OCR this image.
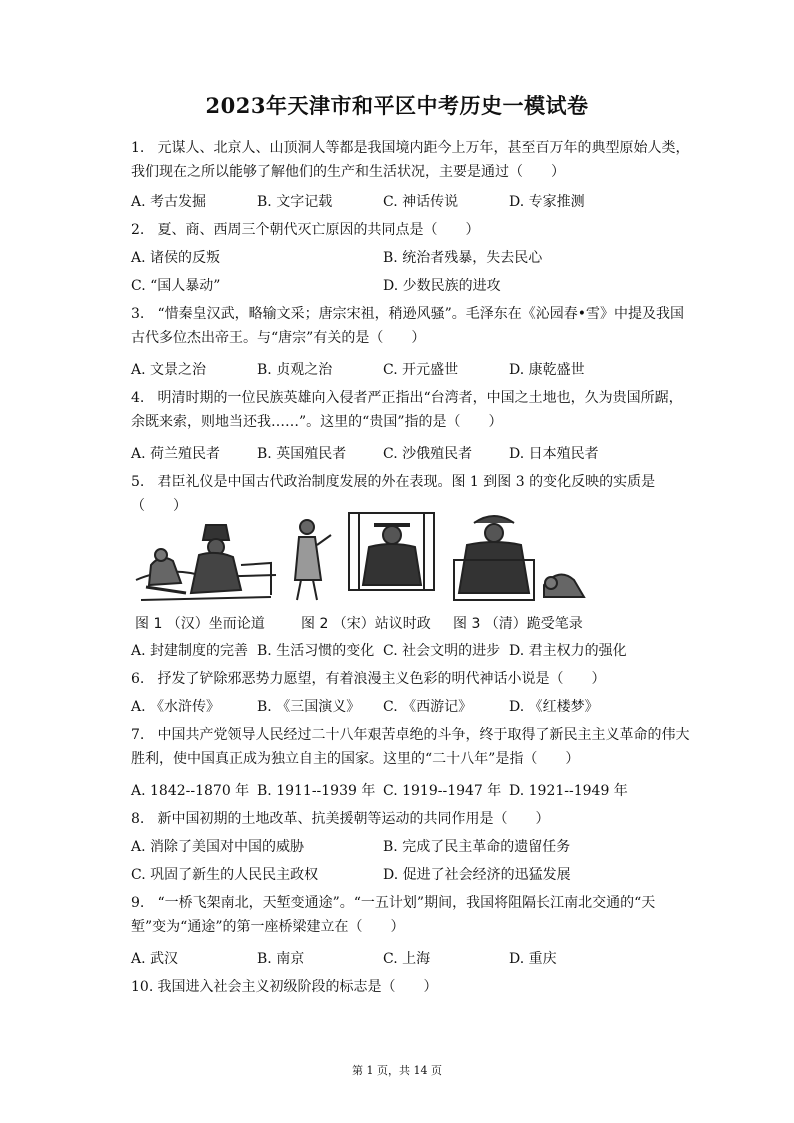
2023年天津市和平区中考历史一模试卷
1. 元谋人、北京人、山顶洞人等都是我国境内距今上万年，甚至百万年的典型原始人类，
我们现在之所以能够了解他们的生产和生活状况，主要是通过（　　）
A. 考古发掘	B. 文字记载	C. 神话传说	D. 专家推测
2. 夏、商、西周三个朝代灭亡原因的共同点是（　　）
A. 诸侯的反叛	B. 统治者残暴，失去民心
C. “国人暴动”	D. 少数民族的进攻
3. “惜秦皇汉武，略输文采；唐宗宋祖，稍逊风骚”。毛泽东在《沁园春•雪》中提及我国
古代多位杰出帝王。与“唐宗”有关的是（　　）
A. 文景之治	B. 贞观之治	C. 开元盛世	D. 康乾盛世
4. 明清时期的一位民族英雄向入侵者严正指出“台湾者，中国之土地也，久为贵国所踞，
余既来索，则地当还我……”。这里的“贵国”指的是（　　）
A. 荷兰殖民者	B. 英国殖民者	C. 沙俄殖民者	D. 日本殖民者
5. 君臣礼仪是中国古代政治制度发展的外在表现。图 1 到图 3 的变化反映的实质是（　　）
图 1 （汉）坐而论道	图 2 （宋）站议时政 图 3 （清）跪受笔录
A. 封建制度的完善 B. 生活习惯的变化 C. 社会文明的进步 D. 君主权力的强化
6. 抒发了铲除邪恶势力愿望，有着浪漫主义色彩的明代神话小说是（　　）
A. 《水浒传》	B. 《三国演义》 C. 《西游记》	D. 《红楼梦》
7. 中国共产党领导人民经过二十八年艰苦卓绝的斗争，终于取得了新民主主义革命的伟大
胜利，使中国真正成为独立自主的国家。这里的“二十八年”是指（　　）
A. 1842--1870 年 B. 1911--1939 年 C. 1919--1947 年 D. 1921--1949 年
8. 新中国初期的土地改革、抗美援朝等运动的共同作用是（　　）
A. 消除了美国对中国的威胁	B. 完成了民主革命的遗留任务
C. 巩固了新生的人民民主政权	D. 促进了社会经济的迅猛发展
9. “一桥飞架南北，天堑变通途”。“一五计划”期间，我国将阻隔长江南北交通的“天
堑”变为“通途”的第一座桥梁建立在（　　）
A. 武汉	B. 南京	C. 上海	D. 重庆
10. 我国进入社会主义初级阶段的标志是（　　）
第 1 页，共 14 页
